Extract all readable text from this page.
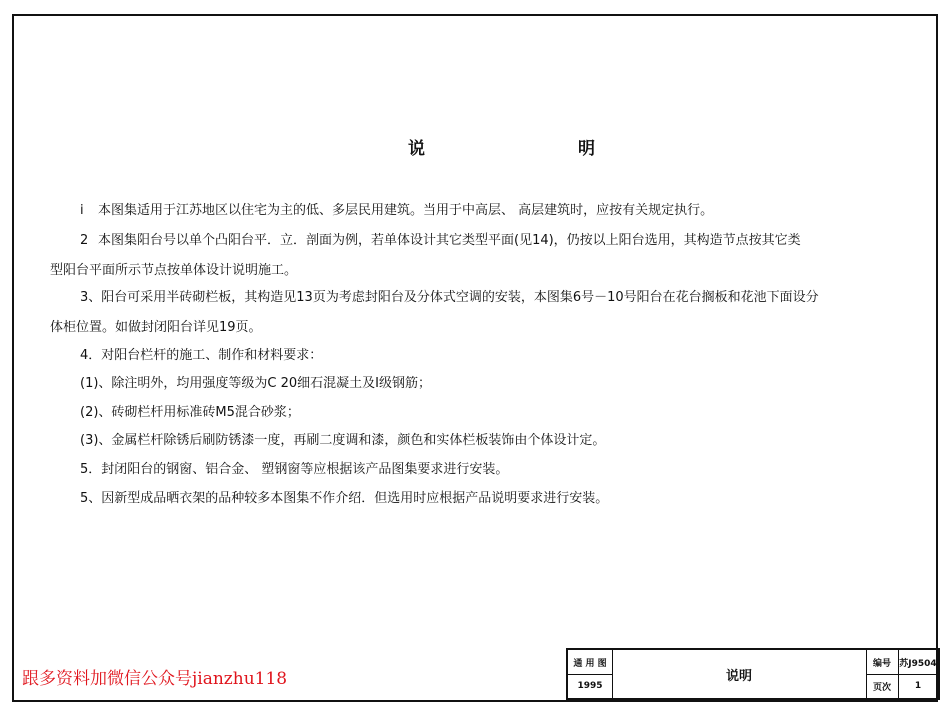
说　明
i 本图集适用于江苏地区以住宅为主的低、多层民用建筑。当用于中高层、 高层建筑时，应按有关规定执行。
2 本图集阳台号以单个凸阳台平．立．剖面为例，若单体设计其它类型平面(见14)，仍按以上阳台选用，其构造节点按其它类
型阳台平面所示节点按单体设计说明施工。
3、阳台可采用半砖砌栏板，其构造见13页为考虑封阳台及分体式空调的安装，本图集6号－10号阳台在花台搁板和花池下面设分
体柜位置。如做封闭阳台详见19页。
4．对阳台栏杆的施工、制作和材料要求：
(1)、除注明外，均用强度等级为C 20细石混凝土及Ⅰ级钢筋；
(2)、砖砌栏杆用标准砖M5混合砂浆；
(3)、金属栏杆除锈后刷防锈漆一度，再刷二度调和漆，颜色和实体栏板装饰由个体设计定。
5．封闭阳台的钢窗、铝合金、 塑钢窗等应根据该产品图集要求进行安装。
5、因新型成品晒衣架的品种较多本图集不作介绍．但选用时应根据产品说明要求进行安装。
跟多资料加微信公众号jianzhu118
通 用 图
1995
说明
编号 苏J9504
页次	1
